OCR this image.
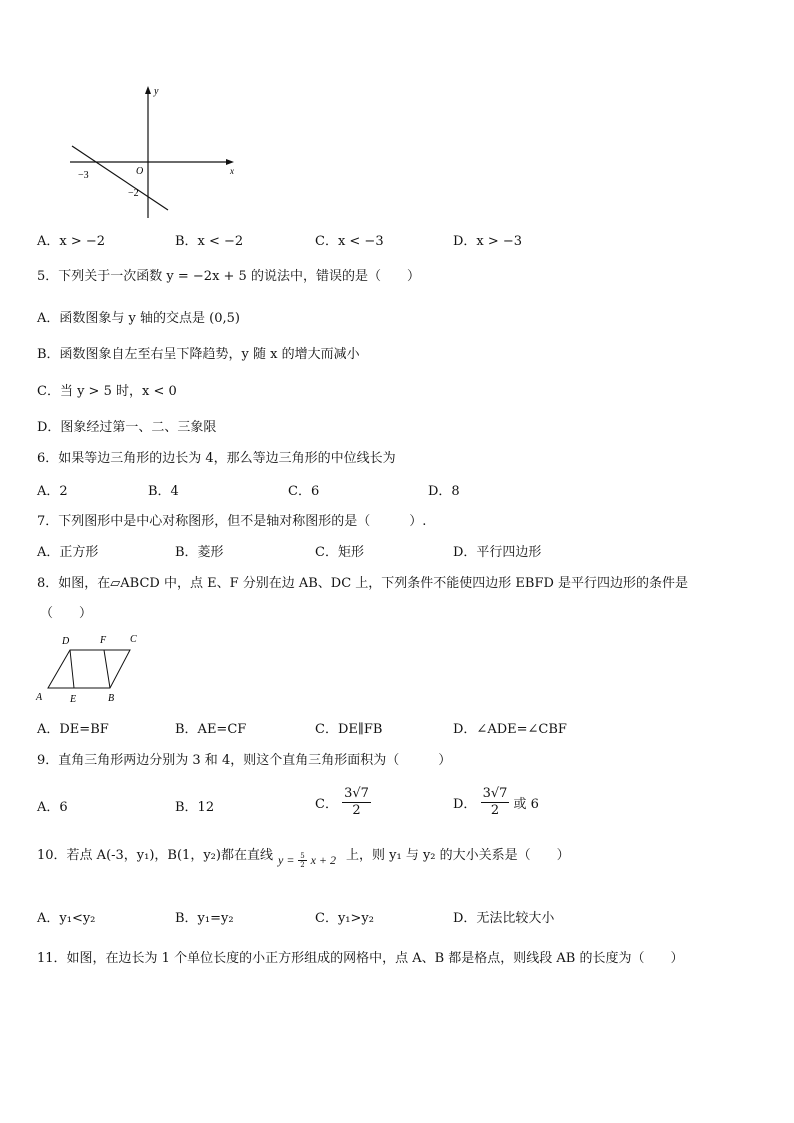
y
x
O
−3
−2
A．x > −2	B．x < −2	C．x < −3	D．x > −3
5．下列关于一次函数 y = −2x + 5 的说法中，错误的是（　　）
A．函数图象与 y 轴的交点是 (0,5)
B．函数图象自左至右呈下降趋势，y 随 x 的增大而减小
C．当 y > 5 时，x < 0
D．图象经过第一、二、三象限
6．如果等边三角形的边长为 4，那么等边三角形的中位线长为
A．2	B．4	C．6	D．8
7．下列图形中是中心对称图形，但不是轴对称图形的是（　　　）.
A．正方形	B．菱形	C．矩形	D．平行四边形
8．如图，在▱ABCD 中，点 E、F 分别在边 AB、DC 上，下列条件不能使四边形 EBFD 是平行四边形的条件是
（　　）
D	F C
A	E	B
A．DE=BF	B．AE=CF	C．DE∥FB	D．∠ADE=∠CBF
9．直角三角形两边分别为 3 和 4，则这个直角三角形面积为（　　　）
A．6	B．12	C． $\frac{3√7}{2}$	D． $\frac{3√7}{2}$ 或 6
10．若点 A(-3，y₁)，B(1，y₂)都在直线 $y = \frac{5}{2}$ x + 2 上，则 y₁ 与 y₂ 的大小关系是（　　）
A．y₁<y₂	B．y₁=y₂	C．y₁>y₂	D．无法比较大小
11．如图，在边长为 1 个单位长度的小正方形组成的网格中，点 A、B 都是格点，则线段 AB 的长度为（　　）
